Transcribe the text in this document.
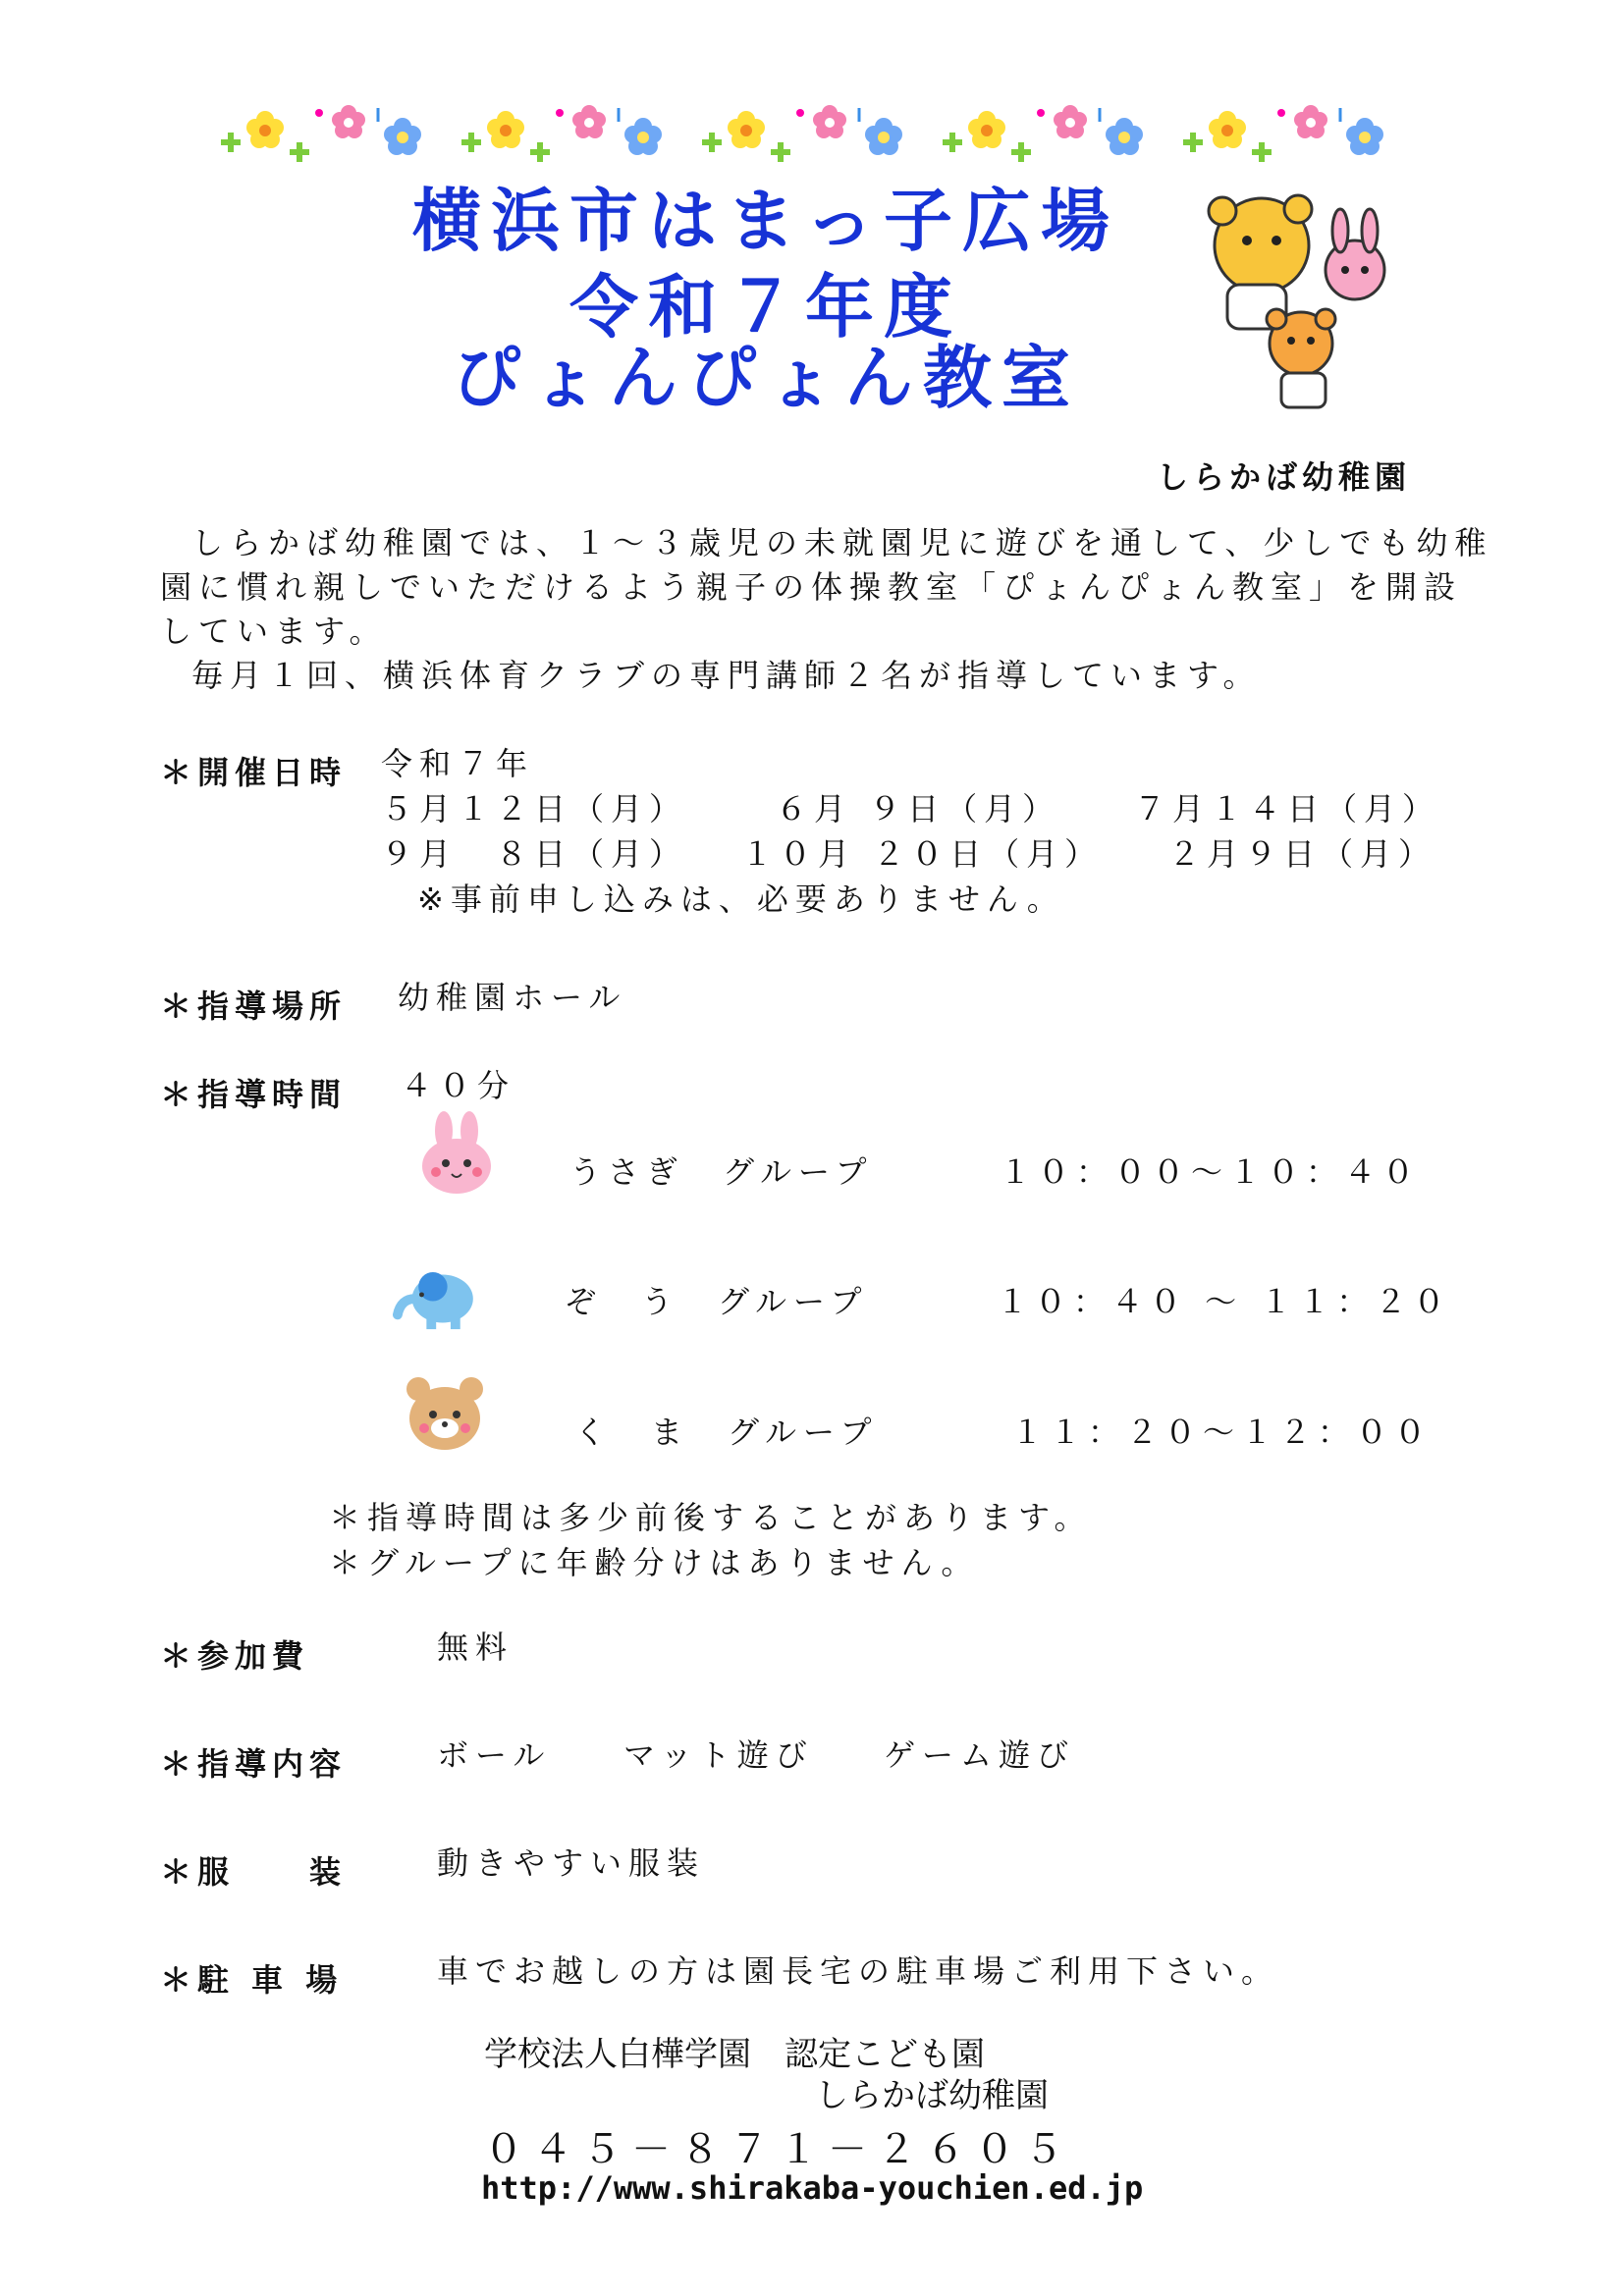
横浜市はまっ子広場
令和７年度
ぴょんぴょん教室
しらかば幼稚園
しらかば幼稚園では、１～３歳児の未就園児に遊びを通して、少しでも幼稚
園に慣れ親しでいただけるよう親子の体操教室「ぴょんぴょん教室」を開設
しています。
毎月１回、横浜体育クラブの専門講師２名が指導しています。
＊開催日時 令和７年
５月１２日（月）	６月 ９日（月） ７月１４日（月）
９月　８日（月） １０月 ２０日（月） ２月９日（月）
※事前申し込みは、必要ありません。
＊指導場所 幼稚園ホール
＊指導時間 ４０分
うさぎ　グループ	１０：００～１０：４０
ぞ　う　グループ	１０：４０ ～ １１：２０
く　ま　グループ	１１：２０～１２：００
＊指導時間は多少前後することがあります。
＊グループに年齢分けはありません。
＊参加費	無料
＊指導内容	ボール マット遊び ゲーム遊び
＊服　　装	動きやすい服装
＊駐 車 場	車でお越しの方は園長宅の駐車場ご利用下さい。
学校法人白樺学園　認定こども園
しらかば幼稚園
０４５－８７１－２６０５
http://www.shirakaba-youchien.ed.jp
